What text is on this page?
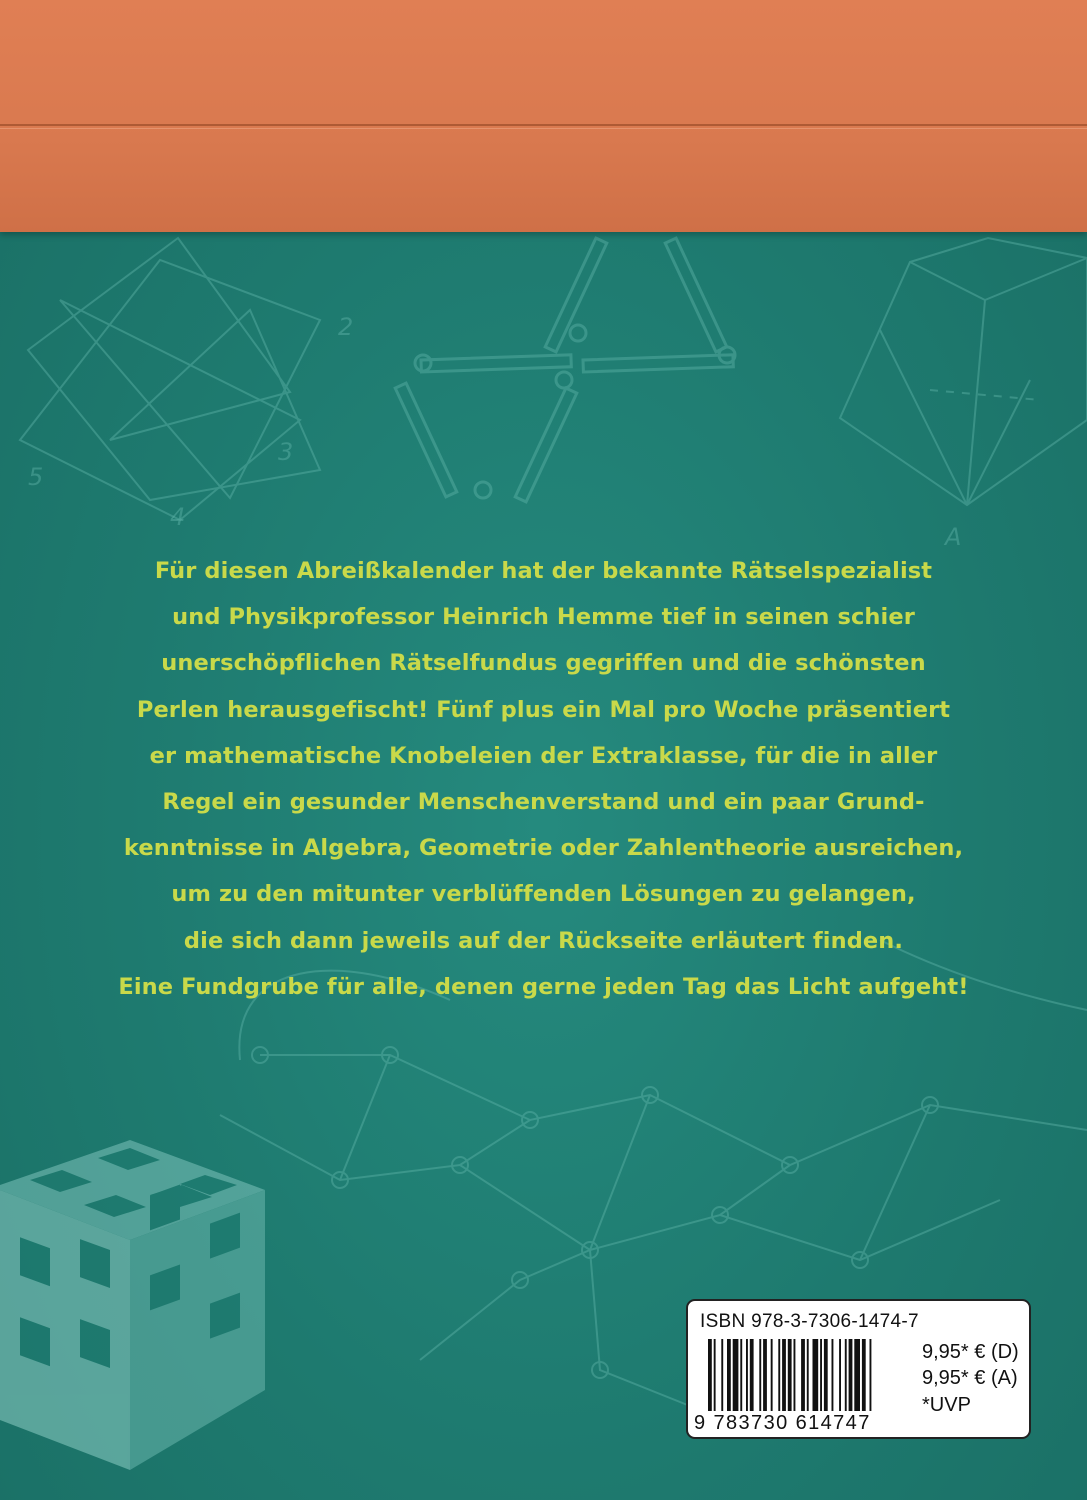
2
3
4
5
A
Für diesen Abreißkalender hat der bekannte Rätselspezialist
und Physikprofessor Heinrich Hemme tief in seinen schier
unerschöpflichen Rätselfundus gegriffen und die schönsten
Perlen herausgefischt! Fünf plus ein Mal pro Woche präsentiert
er mathematische Knobeleien der Extraklasse, für die in aller
Regel ein gesunder Menschenverstand und ein paar Grund-
kenntnisse in Algebra, Geometrie oder Zahlentheorie ausreichen,
um zu den mitunter verblüffenden Lösungen zu gelangen,
die sich dann jeweils auf der Rückseite erläutert finden.
Eine Fundgrube für alle, denen gerne jeden Tag das Licht aufgeht!
ISBN 978-3-7306-1474-7
9 783730 614747
9,95* € (D)
9,95* € (A)
*UVP
